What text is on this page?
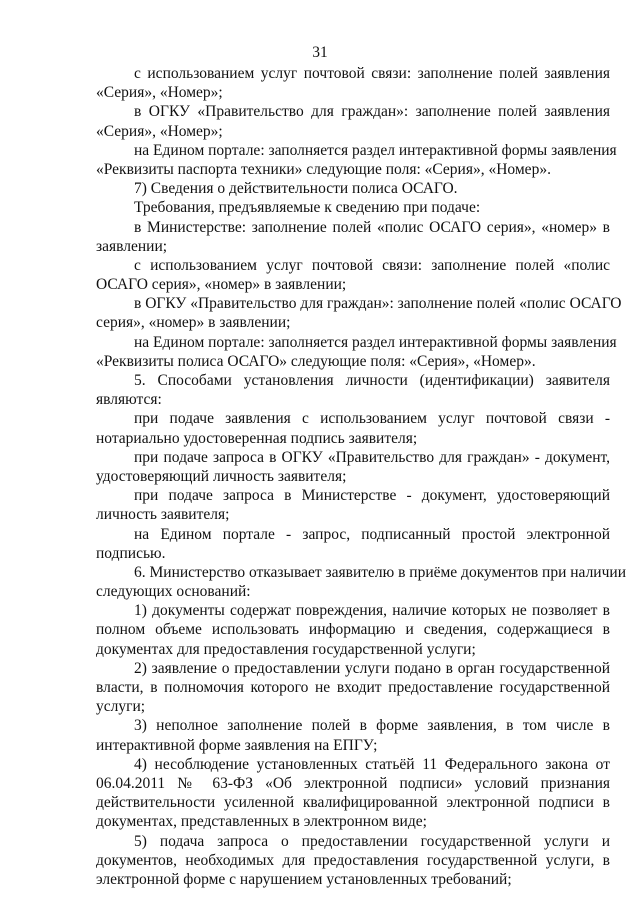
31
с использованием услуг почтовой связи: заполнение полей заявления
«Серия», «Номер»;
в ОГКУ «Правительство для граждан»: заполнение полей заявления
«Серия», «Номер»;
на Едином портале: заполняется раздел интерактивной формы заявления
«Реквизиты паспорта техники» следующие поля: «Серия», «Номер».
7) Сведения о действительности полиса ОСАГО.
Требования, предъявляемые к сведению при подаче:
в Министерстве: заполнение полей «полис ОСАГО серия», «номер» в
заявлении;
с использованием услуг почтовой связи: заполнение полей «полис
ОСАГО серия», «номер» в заявлении;
в ОГКУ «Правительство для граждан»: заполнение полей «полис ОСАГО
серия», «номер» в заявлении;
на Едином портале: заполняется раздел интерактивной формы заявления
«Реквизиты полиса ОСАГО» следующие поля: «Серия», «Номер».
5. Способами установления личности (идентификации) заявителя
являются:
при подаче заявления с использованием услуг почтовой связи -
нотариально удостоверенная подпись заявителя;
при подаче запроса в ОГКУ «Правительство для граждан» - документ,
удостоверяющий личность заявителя;
при подаче запроса в Министерстве - документ, удостоверяющий
личность заявителя;
на Едином портале - запрос, подписанный простой электронной
подписью.
6. Министерство отказывает заявителю в приёме документов при наличии
следующих оснований:
1) документы содержат повреждения, наличие которых не позволяет в
полном объеме использовать информацию и сведения, содержащиеся в
документах для предоставления государственной услуги;
2) заявление о предоставлении услуги подано в орган государственной
власти, в полномочия которого не входит предоставление государственной
услуги;
3) неполное заполнение полей в форме заявления, в том числе в
интерактивной форме заявления на ЕПГУ;
4) несоблюдение установленных статьёй 11 Федерального закона от
06.04.2011 № 63-ФЗ «Об электронной подписи» условий признания
действительности усиленной квалифицированной электронной подписи в
документах, представленных в электронном виде;
5) подача запроса о предоставлении государственной услуги и
документов, необходимых для предоставления государственной услуги, в
электронной форме с нарушением установленных требований;
